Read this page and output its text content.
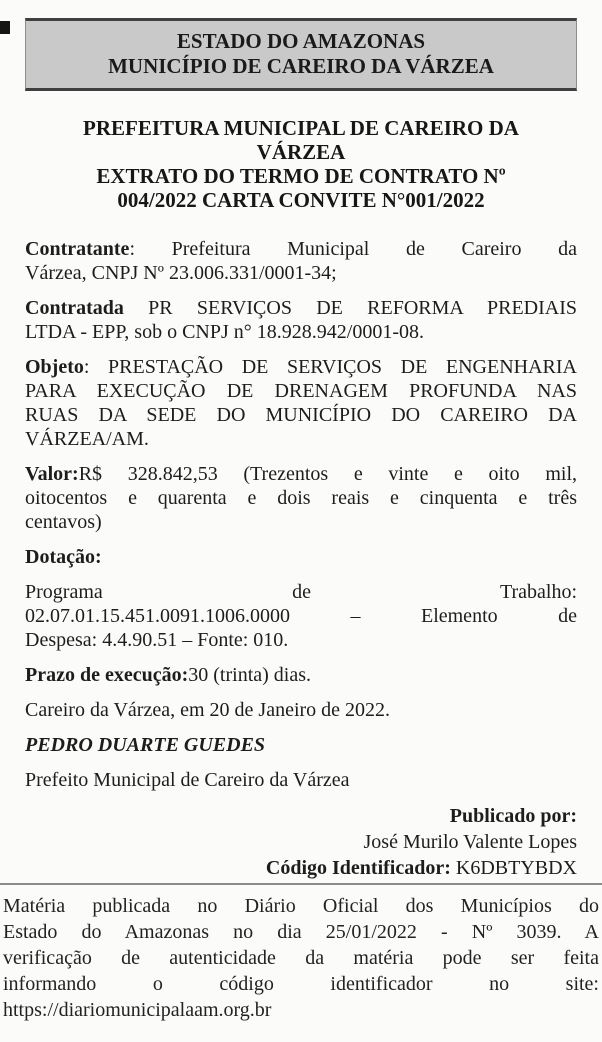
ESTADO DO AMAZONAS
MUNICÍPIO DE CAREIRO DA VÁRZEA
PREFEITURA MUNICIPAL DE CAREIRO DA
VÁRZEA
EXTRATO DO TERMO DE CONTRATO Nº
004/2022 CARTA CONVITE N°001/2022
Contratante: Prefeitura Municipal de Careiro da
Várzea, CNPJ Nº 23.006.331/0001-34;
Contratada PR SERVIÇOS DE REFORMA PREDIAIS
LTDA - EPP, sob o CNPJ n° 18.928.942/0001-08.
Objeto: PRESTAÇÃO DE SERVIÇOS DE ENGENHARIA
PARA EXECUÇÃO DE DRENAGEM PROFUNDA NAS
RUAS DA SEDE DO MUNICÍPIO DO CAREIRO DA
VÁRZEA/AM.
Valor:R$ 328.842,53 (Trezentos e vinte e oito mil,
oitocentos e quarenta e dois reais e cinquenta e três
centavos)
Dotação:
Programa de Trabalho:
02.07.01.15.451.0091.1006.0000 – Elemento de
Despesa: 4.4.90.51 – Fonte: 010.
Prazo de execução:30 (trinta) dias.
Careiro da Várzea, em 20 de Janeiro de 2022.
PEDRO DUARTE GUEDES
Prefeito Municipal de Careiro da Várzea
Publicado por:
José Murilo Valente Lopes
Código Identificador: K6DBTYBDX
Matéria publicada no Diário Oficial dos Municípios do
Estado do Amazonas no dia 25/01/2022 - Nº 3039. A
verificação de autenticidade da matéria pode ser feita
informando o código identificador no site:
https://diariomunicipalaam.org.br
